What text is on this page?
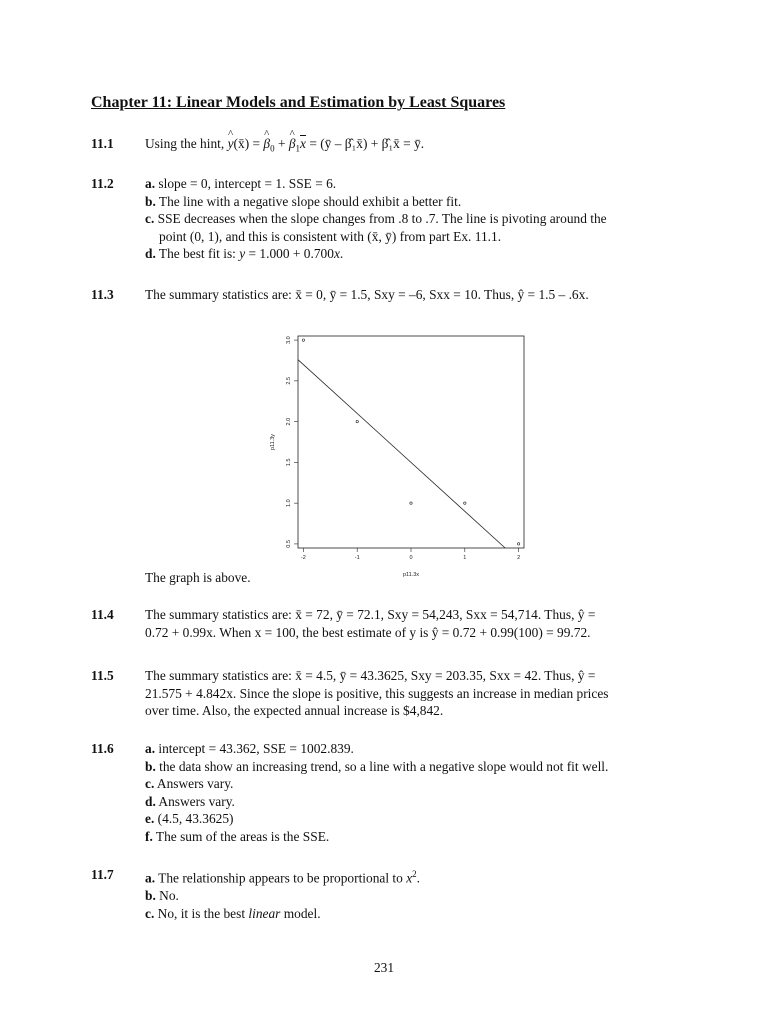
Chapter 11: Linear Models and Estimation by Least Squares
11.1 Using the hint, ^ y(x̄) = ^ $\beta_0$ + ^ $\beta_1\overline{x}$ = (ȳ – β̂₁x̄) + β̂₁x̄ = ȳ.
11.2 a. slope = 0, intercept = 1. SSE = 6.
b. The line with a negative slope should exhibit a better fit.
c. SSE decreases when the slope changes from .8 to .7. The line is pivoting around the
point (0, 1), and this is consistent with (x̄, ȳ) from part Ex. 11.1.
d. The best fit is: y = 1.000 + 0.700x.
11.3 The summary statistics are: x̄ = 0, ȳ = 1.5, Sxy = –6, Sxx = 10. Thus, ŷ = 1.5 – .6x.
-2	-1	0	1	2
0.5
1.0
1.5
2.0
2.5
3.0
p11.3x
p11.3y
The graph is above.
11.4 The summary statistics are: x̄ = 72, ȳ = 72.1, Sxy = 54,243, Sxx = 54,714. Thus, ŷ =
0.72 + 0.99x. When x = 100, the best estimate of y is ŷ = 0.72 + 0.99(100) = 99.72.
11.5 The summary statistics are: x̄ = 4.5, ȳ = 43.3625, Sxy = 203.35, Sxx = 42. Thus, ŷ =
21.575 + 4.842x. Since the slope is positive, this suggests an increase in median prices
over time. Also, the expected annual increase is $4,842.
11.6 a. intercept = 43.362, SSE = 1002.839.
b. the data show an increasing trend, so a line with a negative slope would not fit well.
c. Answers vary.
d. Answers vary.
e. (4.5, 43.3625)
f. The sum of the areas is the SSE.
11.7 a. The relationship appears to be proportional to $x^2$.
b. No.
c. No, it is the best linear model.
231
